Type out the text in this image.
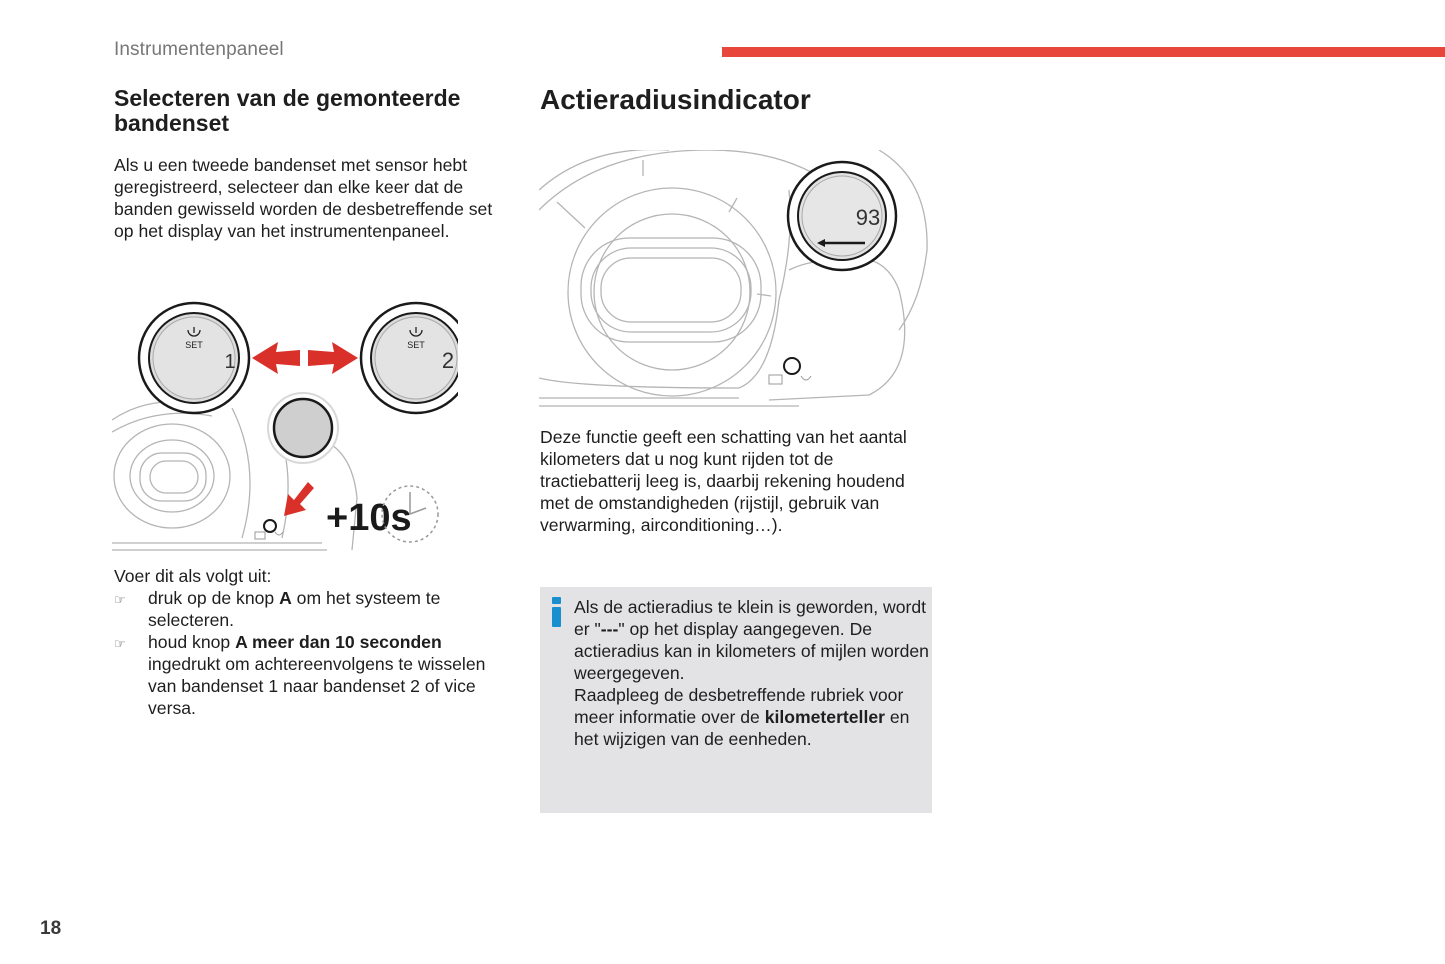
Instrumentenpaneel
Selecteren van de gemonteerde bandenset
Als u een tweede bandenset met sensor hebt geregistreerd, selecteer dan elke keer dat de banden gewisseld worden de desbetreffende set op het display van het instrumentenpaneel.
SET
1
SET
2
+10s
Voer dit als volgt uit:
☞ druk op de knop A om het systeem te selecteren.
☞ houd knop A meer dan 10 seconden ingedrukt om achtereenvolgens te wisselen van bandenset 1 naar bandenset 2 of vice versa.
Actieradiusindicator
93
Deze functie geeft een schatting van het aantal kilometers dat u nog kunt rijden tot de tractiebatterij leeg is, daarbij rekening houdend met de omstandigheden (rijstijl, gebruik van verwarming, airconditioning…).
Als de actieradius te klein is geworden, wordt er "---" op het display aangegeven. De actieradius kan in kilometers of mijlen worden weergegeven.
Raadpleeg de desbetreffende rubriek voor meer informatie over de kilometerteller en het wijzigen van de eenheden.
18
